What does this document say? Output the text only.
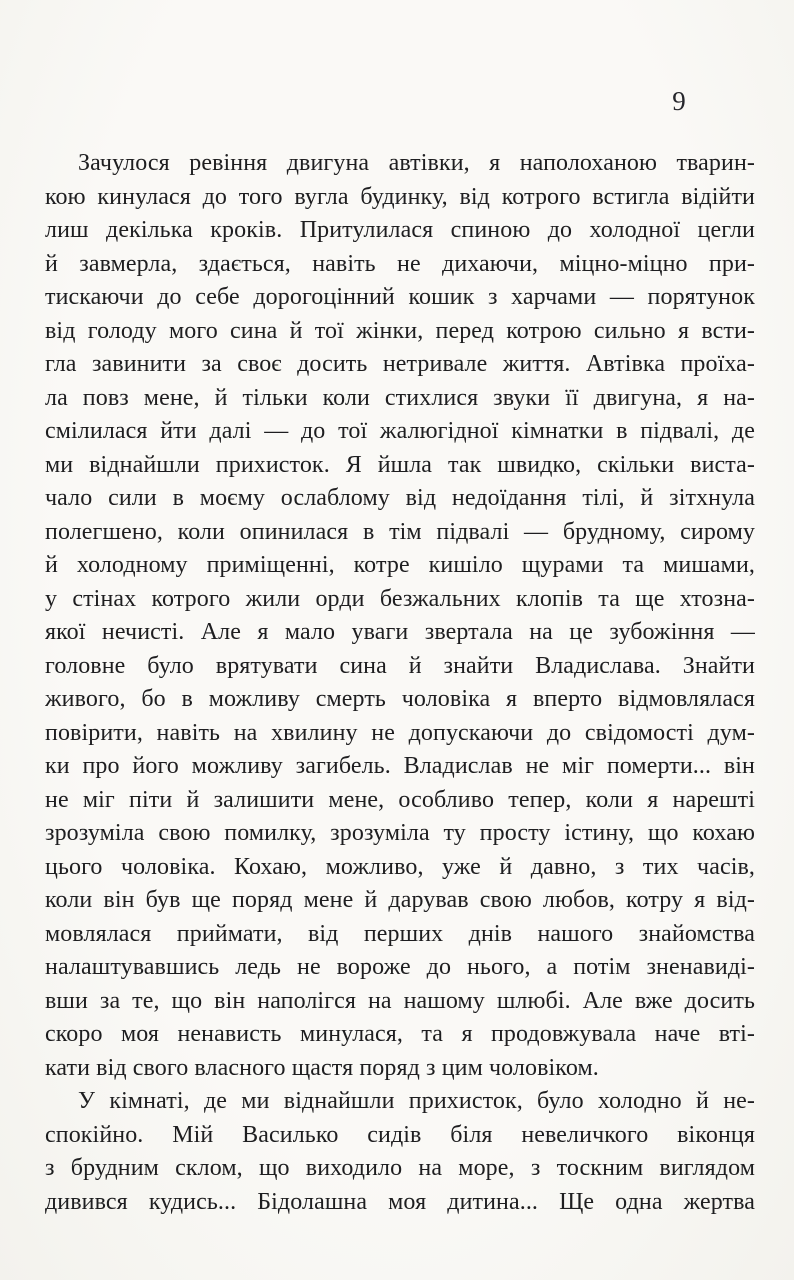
9
Зачулося ревіння двигуна автівки, я наполоханою тварин-
кою кинулася до того вугла будинку, від котрого встигла відійти
лиш декілька кроків. Притулилася спиною до холодної цегли
й завмерла, здається, навіть не дихаючи, міцно-міцно при-
тискаючи до себе дорогоцінний кошик з харчами — порятунок
від голоду мого сина й тої жінки, перед котрою сильно я всти-
гла завинити за своє досить нетривале життя. Автівка проїха-
ла повз мене, й тільки коли стихлися звуки її двигуна, я на-
смілилася йти далі — до тої жалюгідної кімнатки в підвалі, де
ми віднайшли прихисток. Я йшла так швидко, скільки виста-
чало сили в моєму ослаблому від недоїдання тілі, й зітхнула
полегшено, коли опинилася в тім підвалі — брудному, сирому
й холодному приміщенні, котре кишіло щурами та мишами,
у стінах котрого жили орди безжальних клопів та ще хтозна-
якої нечисті. Але я мало уваги звертала на це зубожіння —
головне було врятувати сина й знайти Владислава. Знайти
живого, бо в можливу смерть чоловіка я вперто відмовлялася
повірити, навіть на хвилину не допускаючи до свідомості дум-
ки про його можливу загибель. Владислав не міг померти... він
не міг піти й залишити мене, особливо тепер, коли я нарешті
зрозуміла свою помилку, зрозуміла ту просту істину, що кохаю
цього чоловіка. Кохаю, можливо, уже й давно, з тих часів,
коли він був ще поряд мене й дарував свою любов, котру я від-
мовлялася приймати, від перших днів нашого знайомства
налаштувавшись ледь не вороже до нього, а потім зненавиді-
вши за те, що він наполігся на нашому шлюбі. Але вже досить
скоро моя ненависть минулася, та я продовжувала наче вті-
кати від свого власного щастя поряд з цим чоловіком.
У кімнаті, де ми віднайшли прихисток, було холодно й не-
спокійно. Мій Василько сидів біля невеличкого віконця
з брудним склом, що виходило на море, з тоскним виглядом
дивився кудись... Бідолашна моя дитина... Ще одна жертва
